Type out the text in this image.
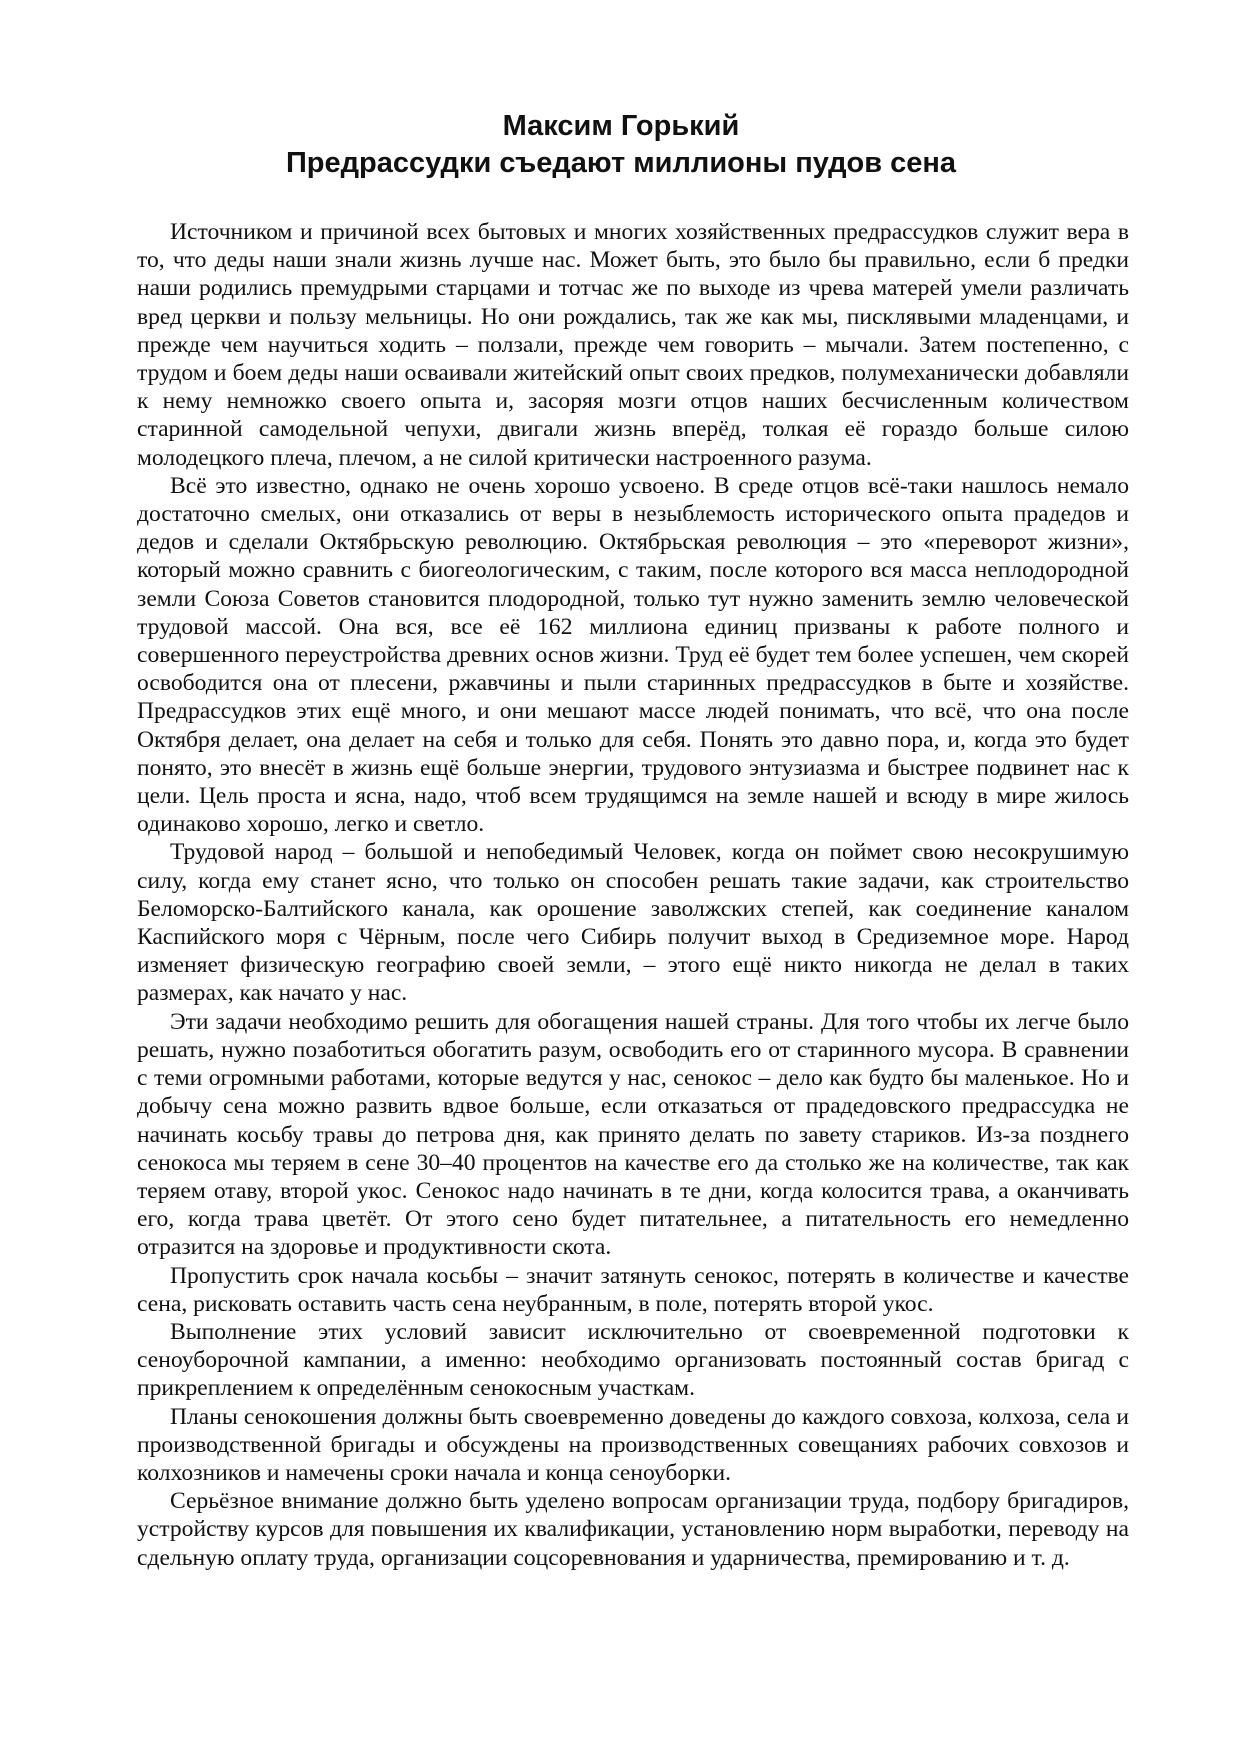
Максим Горький
Предрассудки съедают миллионы пудов сена

Источником и причиной всех бытовых и многих хозяйственных предрассудков служит вера в то, что деды наши знали жизнь лучше нас. Может быть, это было бы правильно, если б предки наши родились премудрыми старцами и тотчас же по выходе из чрева матерей умели различать вред церкви и пользу мельницы. Но они рождались, так же как мы, писклявыми младенцами, и прежде чем научиться ходить – ползали, прежде чем говорить – мычали. Затем постепенно, с трудом и боем деды наши осваивали житейский опыт своих предков, полумеханически добавляли к нему немножко своего опыта и, засоряя мозги отцов наших бесчисленным количеством старинной самодельной чепухи, двигали жизнь вперёд, толкая её гораздо больше силою молодецкого плеча, плечом, а не силой критически настроенного разума.

Всё это известно, однако не очень хорошо усвоено. В среде отцов всё-таки нашлось немало достаточно смелых, они отказались от веры в незыблемость исторического опыта прадедов и дедов и сделали Октябрьскую революцию. Октябрьская революция – это «переворот жизни», который можно сравнить с биогеологическим, с таким, после которого вся масса неплодородной земли Союза Советов становится плодородной, только тут нужно заменить землю человеческой трудовой массой. Она вся, все её 162 миллиона единиц призваны к работе полного и совершенного переустройства древних основ жизни. Труд её будет тем более успешен, чем скорей освободится она от плесени, ржавчины и пыли старинных предрассудков в быте и хозяйстве. Предрассудков этих ещё много, и они мешают массе людей понимать, что всё, что она после Октября делает, она делает на себя и только для себя. Понять это давно пора, и, когда это будет понято, это внесёт в жизнь ещё больше энергии, трудового энтузиазма и быстрее подвинет нас к цели. Цель проста и ясна, надо, чтоб всем трудящимся на земле нашей и всюду в мире жилось одинаково хорошо, легко и светло.

Трудовой народ – большой и непобедимый Человек, когда он поймет свою несокрушимую силу, когда ему станет ясно, что только он способен решать такие задачи, как строительство Беломорско-Балтийского канала, как орошение заволжских степей, как соединение каналом Каспийского моря с Чёрным, после чего Сибирь получит выход в Средиземное море. Народ изменяет физическую географию своей земли, – этого ещё никто никогда не делал в таких размерах, как начато у нас.

Эти задачи необходимо решить для обогащения нашей страны. Для того чтобы их легче было решать, нужно позаботиться обогатить разум, освободить его от старинного мусора. В сравнении с теми огромными работами, которые ведутся у нас, сенокос – дело как будто бы маленькое. Но и добычу сена можно развить вдвое больше, если отказаться от прадедовского предрассудка не начинать косьбу травы до петрова дня, как принято делать по завету стариков. Из-за позднего сенокоса мы теряем в сене 30–40 процентов на качестве его да столько же на количестве, так как теряем отаву, второй укос. Сенокос надо начинать в те дни, когда колосится трава, а оканчивать его, когда трава цветёт. От этого сено будет питательнее, а питательность его немедленно отразится на здоровье и продуктивности скота.

Пропустить срок начала косьбы – значит затянуть сенокос, потерять в количестве и качестве сена, рисковать оставить часть сена неубранным, в поле, потерять второй укос.

Выполнение этих условий зависит исключительно от своевременной подготовки к сеноуборочной кампании, а именно: необходимо организовать постоянный состав бригад с прикреплением к определённым сенокосным участкам.

Планы сенокошения должны быть своевременно доведены до каждого совхоза, колхоза, села и производственной бригады и обсуждены на производственных совещаниях рабочих совхозов и колхозников и намечены сроки начала и конца сеноуборки.

Серьёзное внимание должно быть уделено вопросам организации труда, подбору бригадиров, устройству курсов для повышения их квалификации, установлению норм выработки, переводу на сдельную оплату труда, организации соцсоревнования и ударничества, премированию и т. д.
